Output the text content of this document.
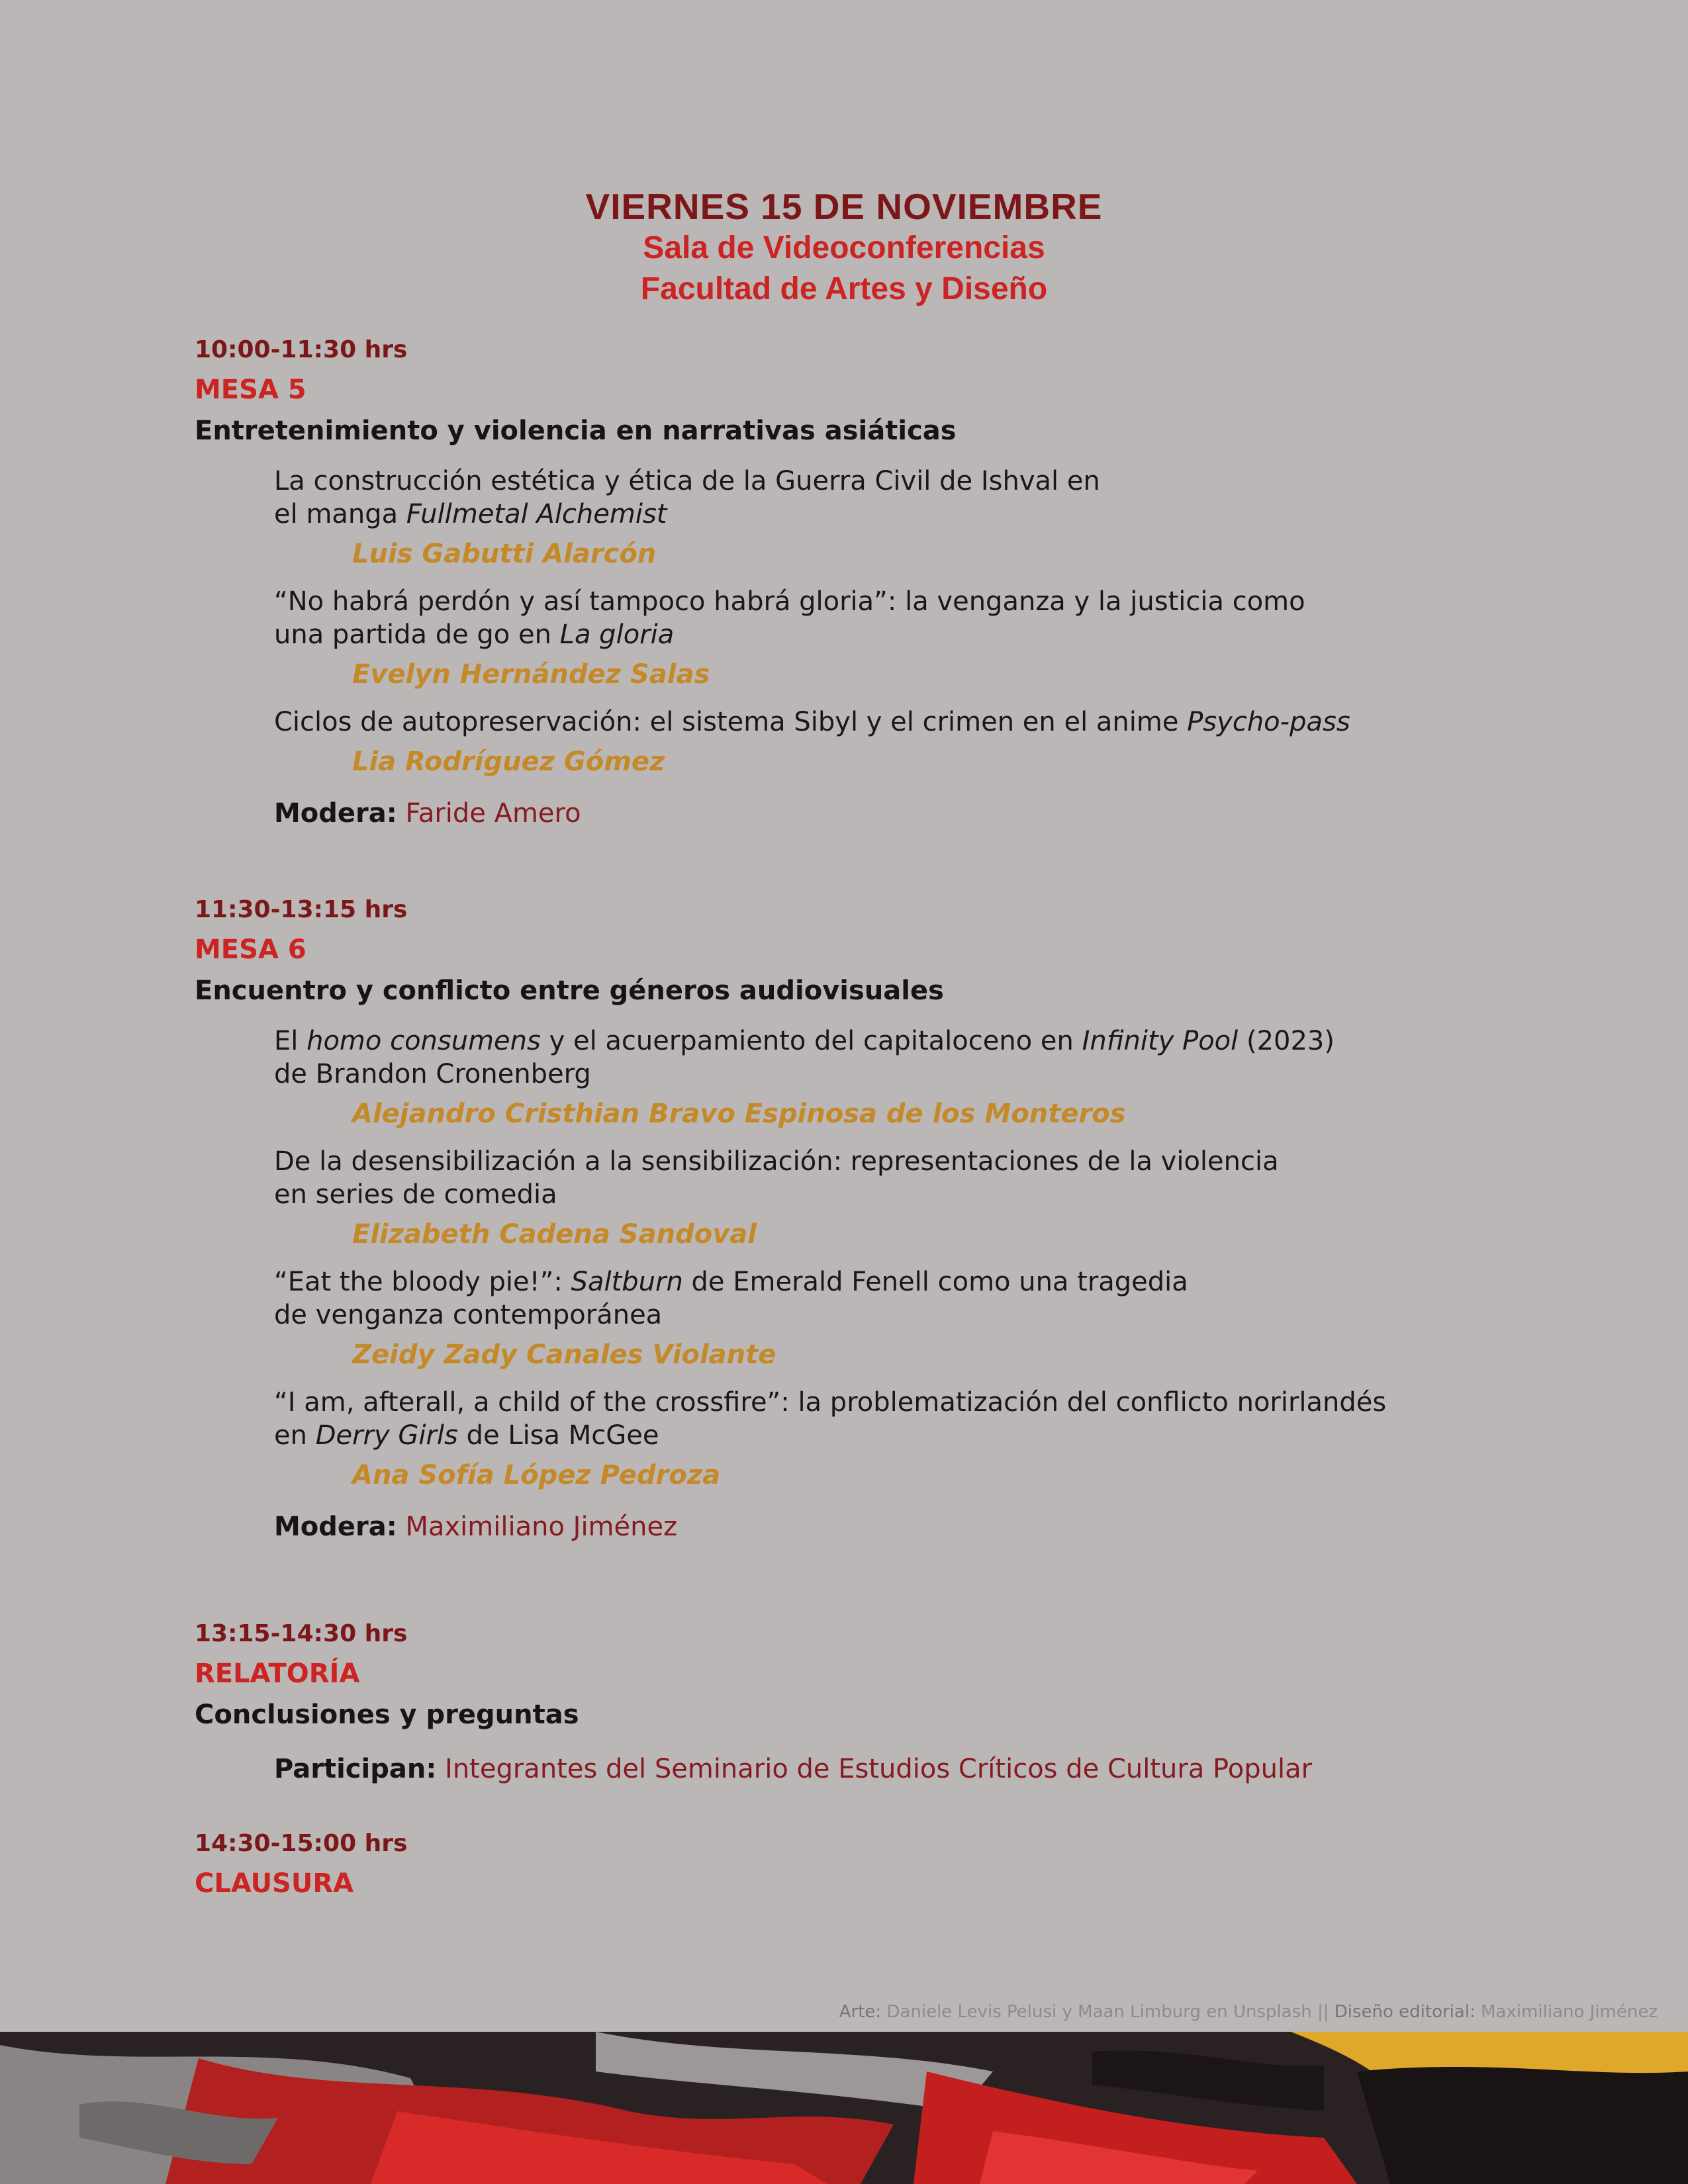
VIERNES 15 DE NOVIEMBRE
Sala de Videoconferencias
Facultad de Artes y Diseño
10:00-11:30 hrs
MESA 5
Entretenimiento y violencia en narrativas asiáticas
La construcción estética y ética de la Guerra Civil de Ishval en
el manga Fullmetal Alchemist
Luis Gabutti Alarcón
“No habrá perdón y así tampoco habrá gloria”: la venganza y la justicia como
una partida de go en La gloria
Evelyn Hernández Salas
Ciclos de autopreservación: el sistema Sibyl y el crimen en el anime Psycho-pass
Lia Rodríguez Gómez
Modera: Faride Amero
11:30-13:15 hrs
MESA 6
Encuentro y conflicto entre géneros audiovisuales
El homo consumens y el acuerpamiento del capitaloceno en Infinity Pool (2023)
de Brandon Cronenberg
Alejandro Cristhian Bravo Espinosa de los Monteros
De la desensibilización a la sensibilización: representaciones de la violencia
en series de comedia
Elizabeth Cadena Sandoval
“Eat the bloody pie!”: Saltburn de Emerald Fenell como una tragedia
de venganza contemporánea
Zeidy Zady Canales Violante
“I am, afterall, a child of the crossfire”: la problematización del conflicto norirlandés
en Derry Girls de Lisa McGee
Ana Sofía López Pedroza
Modera: Maximiliano Jiménez
13:15-14:30 hrs
RELATORÍA
Conclusiones y preguntas
Participan: Integrantes del Seminario de Estudios Críticos de Cultura Popular
14:30-15:00 hrs
CLAUSURA
Arte: Daniele Levis Pelusi y Maan Limburg en Unsplash || Diseño editorial: Maximiliano Jiménez
